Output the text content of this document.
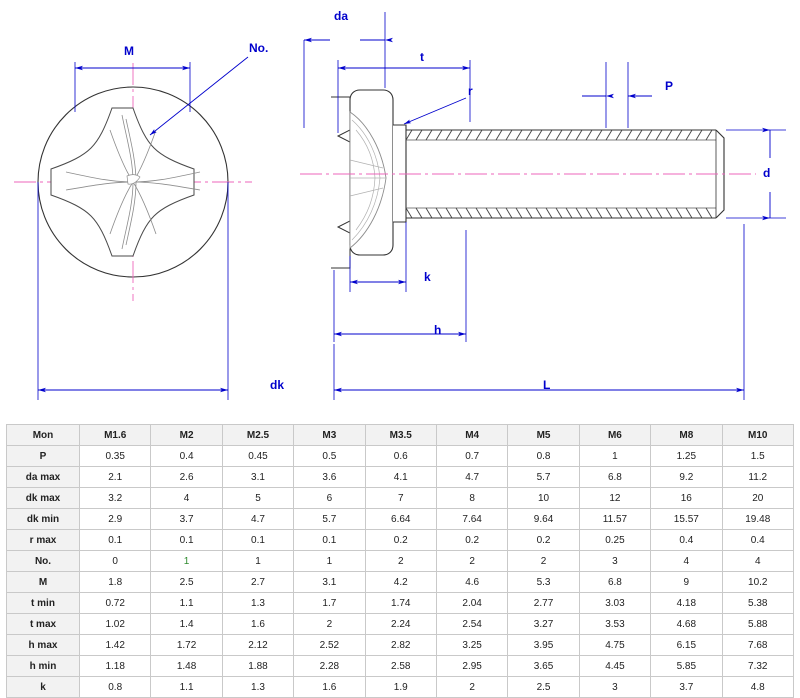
M	No.
da
t
r	P
d
k
h
dk	L
Mon	M1.6	M2	M2.5	M3	M3.5	M4	M5	M6	M8	M10
P	0.35	0.4	0.45	0.5	0.6	0.7	0.8	1	1.25	1.5
da max	2.1	2.6	3.1	3.6	4.1	4.7	5.7	6.8	9.2	11.2
dk max	3.2	4	5	6	7	8	10	12	16	20
dk min	2.9	3.7	4.7	5.7	6.64	7.64	9.64	11.57	15.57	19.48
r max	0.1	0.1	0.1	0.1	0.2	0.2	0.2	0.25	0.4	0.4
No.	0	1	1	1	2	2	2	3	4	4
M	1.8	2.5	2.7	3.1	4.2	4.6	5.3	6.8	9	10.2
t min	0.72	1.1	1.3	1.7	1.74	2.04	2.77	3.03	4.18	5.38
t max	1.02	1.4	1.6	2	2.24	2.54	3.27	3.53	4.68	5.88
h max	1.42	1.72	2.12	2.52	2.82	3.25	3.95	4.75	6.15	7.68
h min	1.18	1.48	1.88	2.28	2.58	2.95	3.65	4.45	5.85	7.32
k	0.8	1.1	1.3	1.6	1.9	2	2.5	3	3.7	4.8
